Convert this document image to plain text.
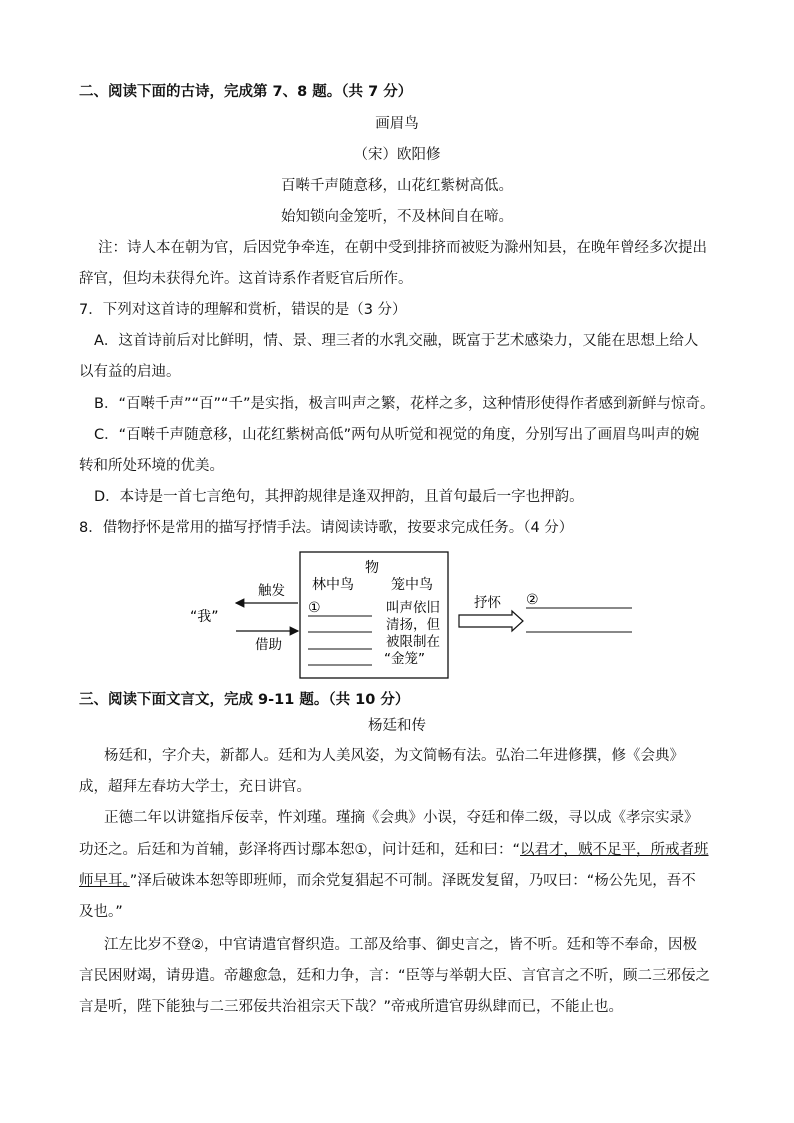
二、阅读下面的古诗，完成第 7、8 题。（共 7 分）
画眉鸟
（宋）欧阳修
百啭千声随意移，山花红紫树高低。
始知锁向金笼听，不及林间自在啼。
注：诗人本在朝为官，后因党争牵连，在朝中受到排挤而被贬为滁州知县，在晚年曾经多次提出
辞官，但均未获得允许。这首诗系作者贬官后所作。
7．下列对这首诗的理解和赏析，错误的是（3 分）
A．这首诗前后对比鲜明，情、景、理三者的水乳交融，既富于艺术感染力，又能在思想上给人
以有益的启迪。
B．“百啭千声”“百”“千”是实指，极言叫声之繁，花样之多，这种情形使得作者感到新鲜与惊奇。
C．“百啭千声随意移，山花红紫树高低”两句从听觉和视觉的角度，分别写出了画眉鸟叫声的婉
转和所处环境的优美。
D．本诗是一首七言绝句，其押韵规律是逢双押韵，且首句最后一字也押韵。
8．借物抒怀是常用的描写抒情手法。请阅读诗歌，按要求完成任务。（4 分）
物
林中鸟	笼中鸟
①	叫声依旧
清扬，但
被限制在
“金笼”
“我”
触发
借助
抒怀 ②
三、阅读下面文言文，完成 9-11 题。（共 10 分）
杨廷和传
杨廷和，字介夫，新都人。廷和为人美风姿，为文简畅有法。弘治二年进修撰，修《会典》
成，超拜左春坊大学士，充日讲官。
正德二年以讲筵指斥佞幸，忤刘瑾。瑾摘《会典》小误，夺廷和俸二级，寻以成《孝宗实录》
功还之。后廷和为首辅，彭泽将西讨鄢本恕①，问计廷和，廷和曰：“以君才，贼不足平，所戒者班
师早耳。”泽后破诛本恕等即班师，而余党复猖起不可制。泽既发复留，乃叹曰：“杨公先见，吾不
及也。”
江左比岁不登②，中官请遣官督织造。工部及给事、御史言之，皆不听。廷和等不奉命，因极
言民困财竭，请毋遣。帝趣愈急，廷和力争，言：“臣等与举朝大臣、言官言之不听，顾二三邪佞之
言是听，陛下能独与二三邪佞共治祖宗天下哉？”帝戒所遣官毋纵肆而已，不能止也。
